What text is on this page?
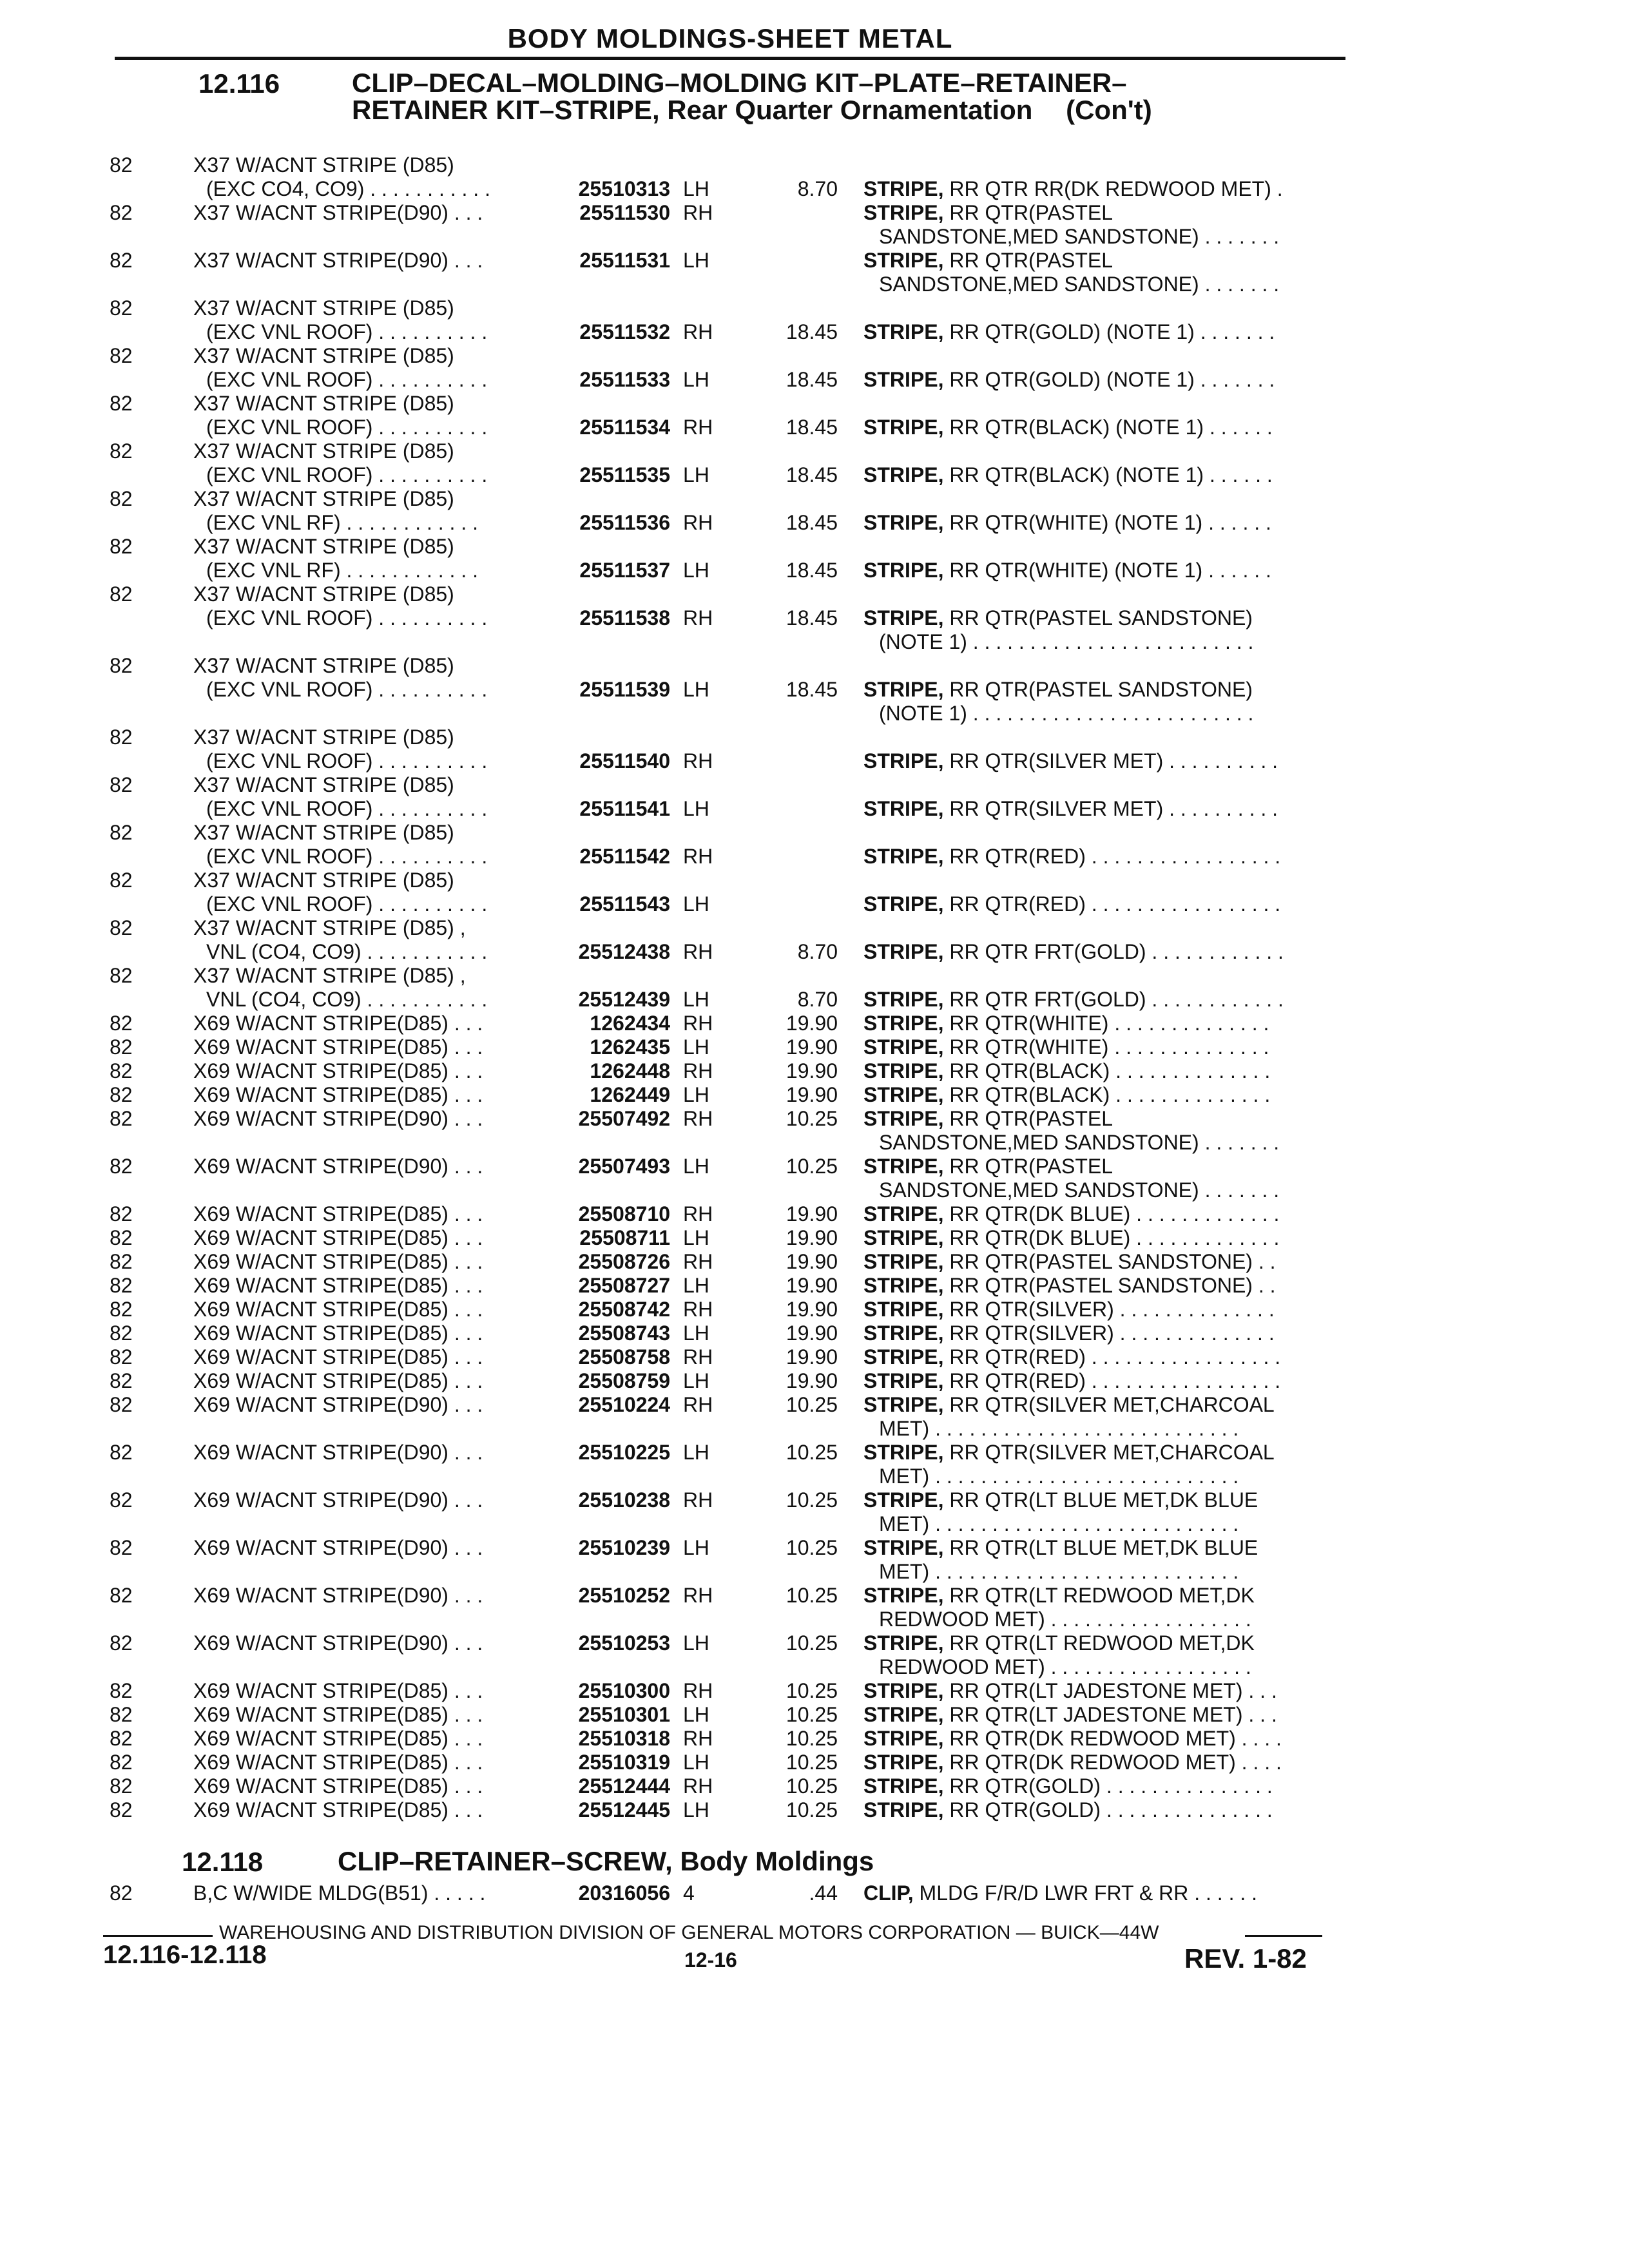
BODY MOLDINGS-SHEET METAL
12.116	CLIP–DECAL–MOLDING–MOLDING KIT–PLATE–RETAINER–
RETAINER KIT–STRIPE, Rear Quarter Ornamentation (Con't)
82	X37 W/ACNT STRIPE (D85)
(EXC CO4, CO9) . . . . . . . . . . .	25510313 LH	8.70 STRIPE, RR QTR RR(DK REDWOOD MET) .
82	X37 W/ACNT STRIPE(D90) . . .	25511530 RH	STRIPE, RR QTR(PASTEL
SANDSTONE,MED SANDSTONE) . . . . . . .
82	X37 W/ACNT STRIPE(D90) . . .	25511531 LH	STRIPE, RR QTR(PASTEL
SANDSTONE,MED SANDSTONE) . . . . . . .
82	X37 W/ACNT STRIPE (D85)
(EXC VNL ROOF) . . . . . . . . . .	25511532 RH	18.45 STRIPE, RR QTR(GOLD) (NOTE 1) . . . . . . .
82	X37 W/ACNT STRIPE (D85)
(EXC VNL ROOF) . . . . . . . . . .	25511533 LH	18.45 STRIPE, RR QTR(GOLD) (NOTE 1) . . . . . . .
82	X37 W/ACNT STRIPE (D85)
(EXC VNL ROOF) . . . . . . . . . .	25511534 RH	18.45 STRIPE, RR QTR(BLACK) (NOTE 1) . . . . . .
82	X37 W/ACNT STRIPE (D85)
(EXC VNL ROOF) . . . . . . . . . .	25511535 LH	18.45 STRIPE, RR QTR(BLACK) (NOTE 1) . . . . . .
82	X37 W/ACNT STRIPE (D85)
(EXC VNL RF) . . . . . . . . . . . .	25511536 RH	18.45 STRIPE, RR QTR(WHITE) (NOTE 1) . . . . . .
82	X37 W/ACNT STRIPE (D85)
(EXC VNL RF) . . . . . . . . . . . .	25511537 LH	18.45 STRIPE, RR QTR(WHITE) (NOTE 1) . . . . . .
82	X37 W/ACNT STRIPE (D85)
(EXC VNL ROOF) . . . . . . . . . .	25511538 RH	18.45 STRIPE, RR QTR(PASTEL SANDSTONE)
(NOTE 1) . . . . . . . . . . . . . . . . . . . . . . . . .
82	X37 W/ACNT STRIPE (D85)
(EXC VNL ROOF) . . . . . . . . . .	25511539 LH	18.45 STRIPE, RR QTR(PASTEL SANDSTONE)
(NOTE 1) . . . . . . . . . . . . . . . . . . . . . . . . .
82	X37 W/ACNT STRIPE (D85)
(EXC VNL ROOF) . . . . . . . . . .	25511540 RH	STRIPE, RR QTR(SILVER MET) . . . . . . . . . .
82	X37 W/ACNT STRIPE (D85)
(EXC VNL ROOF) . . . . . . . . . .	25511541 LH	STRIPE, RR QTR(SILVER MET) . . . . . . . . . .
82	X37 W/ACNT STRIPE (D85)
(EXC VNL ROOF) . . . . . . . . . .	25511542 RH	STRIPE, RR QTR(RED) . . . . . . . . . . . . . . . . .
82	X37 W/ACNT STRIPE (D85)
(EXC VNL ROOF) . . . . . . . . . .	25511543 LH	STRIPE, RR QTR(RED) . . . . . . . . . . . . . . . . .
82	X37 W/ACNT STRIPE (D85) ,
VNL (CO4, CO9) . . . . . . . . . . .	25512438 RH	8.70 STRIPE, RR QTR FRT(GOLD) . . . . . . . . . . . .
82	X37 W/ACNT STRIPE (D85) ,
VNL (CO4, CO9) . . . . . . . . . . .	25512439 LH	8.70 STRIPE, RR QTR FRT(GOLD) . . . . . . . . . . . .
82	X69 W/ACNT STRIPE(D85) . . .	1262434 RH	19.90 STRIPE, RR QTR(WHITE) . . . . . . . . . . . . . .
82	X69 W/ACNT STRIPE(D85) . . .	1262435 LH	19.90 STRIPE, RR QTR(WHITE) . . . . . . . . . . . . . .
82	X69 W/ACNT STRIPE(D85) . . .	1262448 RH	19.90 STRIPE, RR QTR(BLACK) . . . . . . . . . . . . . .
82	X69 W/ACNT STRIPE(D85) . . .	1262449 LH	19.90 STRIPE, RR QTR(BLACK) . . . . . . . . . . . . . .
82	X69 W/ACNT STRIPE(D90) . . .	25507492 RH	10.25 STRIPE, RR QTR(PASTEL
SANDSTONE,MED SANDSTONE) . . . . . . .
82	X69 W/ACNT STRIPE(D90) . . .	25507493 LH	10.25 STRIPE, RR QTR(PASTEL
SANDSTONE,MED SANDSTONE) . . . . . . .
82	X69 W/ACNT STRIPE(D85) . . .	25508710 RH	19.90 STRIPE, RR QTR(DK BLUE) . . . . . . . . . . . . .
82	X69 W/ACNT STRIPE(D85) . . .	25508711 LH	19.90 STRIPE, RR QTR(DK BLUE) . . . . . . . . . . . . .
82	X69 W/ACNT STRIPE(D85) . . .	25508726 RH	19.90 STRIPE, RR QTR(PASTEL SANDSTONE) . .
82	X69 W/ACNT STRIPE(D85) . . .	25508727 LH	19.90 STRIPE, RR QTR(PASTEL SANDSTONE) . .
82	X69 W/ACNT STRIPE(D85) . . .	25508742 RH	19.90 STRIPE, RR QTR(SILVER) . . . . . . . . . . . . . .
82	X69 W/ACNT STRIPE(D85) . . .	25508743 LH	19.90 STRIPE, RR QTR(SILVER) . . . . . . . . . . . . . .
82	X69 W/ACNT STRIPE(D85) . . .	25508758 RH	19.90 STRIPE, RR QTR(RED) . . . . . . . . . . . . . . . . .
82	X69 W/ACNT STRIPE(D85) . . .	25508759 LH	19.90 STRIPE, RR QTR(RED) . . . . . . . . . . . . . . . . .
82	X69 W/ACNT STRIPE(D90) . . .	25510224 RH	10.25 STRIPE, RR QTR(SILVER MET,CHARCOAL
MET) . . . . . . . . . . . . . . . . . . . . . . . . . . .
82	X69 W/ACNT STRIPE(D90) . . .	25510225 LH	10.25 STRIPE, RR QTR(SILVER MET,CHARCOAL
MET) . . . . . . . . . . . . . . . . . . . . . . . . . . .
82	X69 W/ACNT STRIPE(D90) . . .	25510238 RH	10.25 STRIPE, RR QTR(LT BLUE MET,DK BLUE
MET) . . . . . . . . . . . . . . . . . . . . . . . . . . .
82	X69 W/ACNT STRIPE(D90) . . .	25510239 LH	10.25 STRIPE, RR QTR(LT BLUE MET,DK BLUE
MET) . . . . . . . . . . . . . . . . . . . . . . . . . . .
82	X69 W/ACNT STRIPE(D90) . . .	25510252 RH	10.25 STRIPE, RR QTR(LT REDWOOD MET,DK
REDWOOD MET) . . . . . . . . . . . . . . . . . .
82	X69 W/ACNT STRIPE(D90) . . .	25510253 LH	10.25 STRIPE, RR QTR(LT REDWOOD MET,DK
REDWOOD MET) . . . . . . . . . . . . . . . . . .
82	X69 W/ACNT STRIPE(D85) . . .	25510300 RH	10.25 STRIPE, RR QTR(LT JADESTONE MET) . . .
82	X69 W/ACNT STRIPE(D85) . . .	25510301 LH	10.25 STRIPE, RR QTR(LT JADESTONE MET) . . .
82	X69 W/ACNT STRIPE(D85) . . .	25510318 RH	10.25 STRIPE, RR QTR(DK REDWOOD MET) . . . .
82	X69 W/ACNT STRIPE(D85) . . .	25510319 LH	10.25 STRIPE, RR QTR(DK REDWOOD MET) . . . .
82	X69 W/ACNT STRIPE(D85) . . .	25512444 RH	10.25 STRIPE, RR QTR(GOLD) . . . . . . . . . . . . . . .
82	X69 W/ACNT STRIPE(D85) . . .	25512445 LH	10.25 STRIPE, RR QTR(GOLD) . . . . . . . . . . . . . . .
12.118	CLIP–RETAINER–SCREW, Body Moldings
82	B,C W/WIDE MLDG(B51) . . . . .	20316056 4	.44 CLIP, MLDG F/R/D LWR FRT & RR . . . . . .
WAREHOUSING AND DISTRIBUTION DIVISION OF GENERAL MOTORS CORPORATION — BUICK—44W
12.116-12.118	12-16	REV. 1-82
